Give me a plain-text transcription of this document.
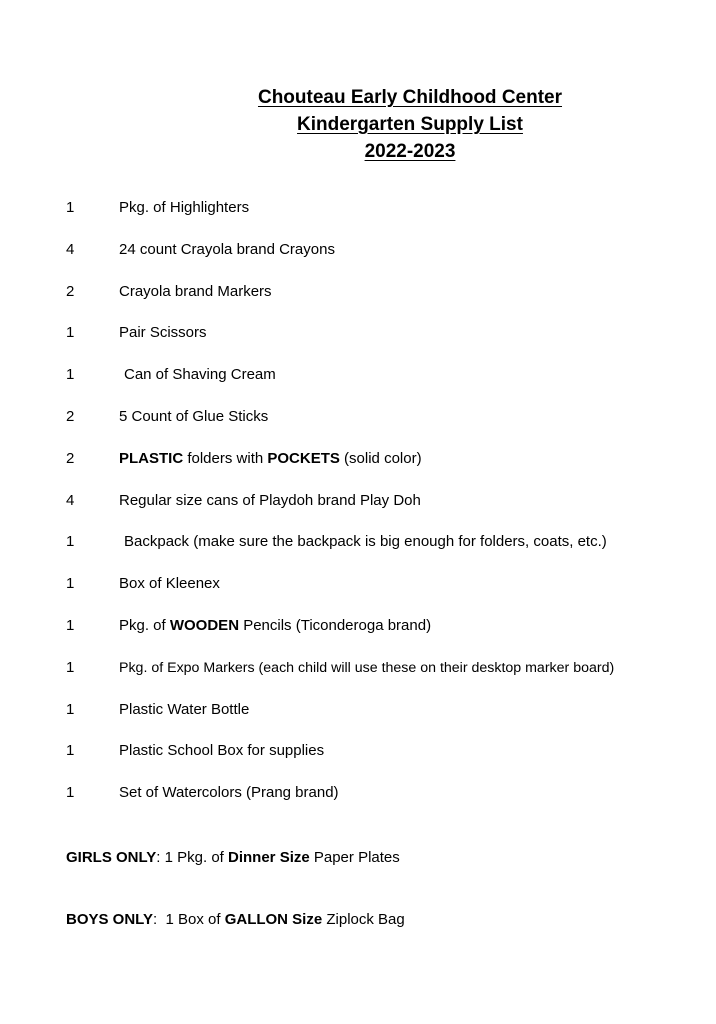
Chouteau Early Childhood Center
Kindergarten Supply List
2022-2023
1	Pkg. of Highlighters
4	24 count Crayola brand Crayons
2	Crayola brand Markers
1	Pair Scissors
1	Can of Shaving Cream
2	5 Count of Glue Sticks
2	PLASTIC folders with POCKETS (solid color)
4	Regular size cans of Playdoh brand Play Doh
1	Backpack (make sure the backpack is big enough for folders, coats, etc.)
1	Box of Kleenex
1	Pkg. of WOODEN Pencils (Ticonderoga brand)
1	Pkg. of Expo Markers (each child will use these on their desktop marker board)
1	Plastic Water Bottle
1	Plastic School Box for supplies
1	Set of Watercolors (Prang brand)
GIRLS ONLY: 1 Pkg. of Dinner Size Paper Plates
BOYS ONLY:  1 Box of GALLON Size Ziplock Bag
